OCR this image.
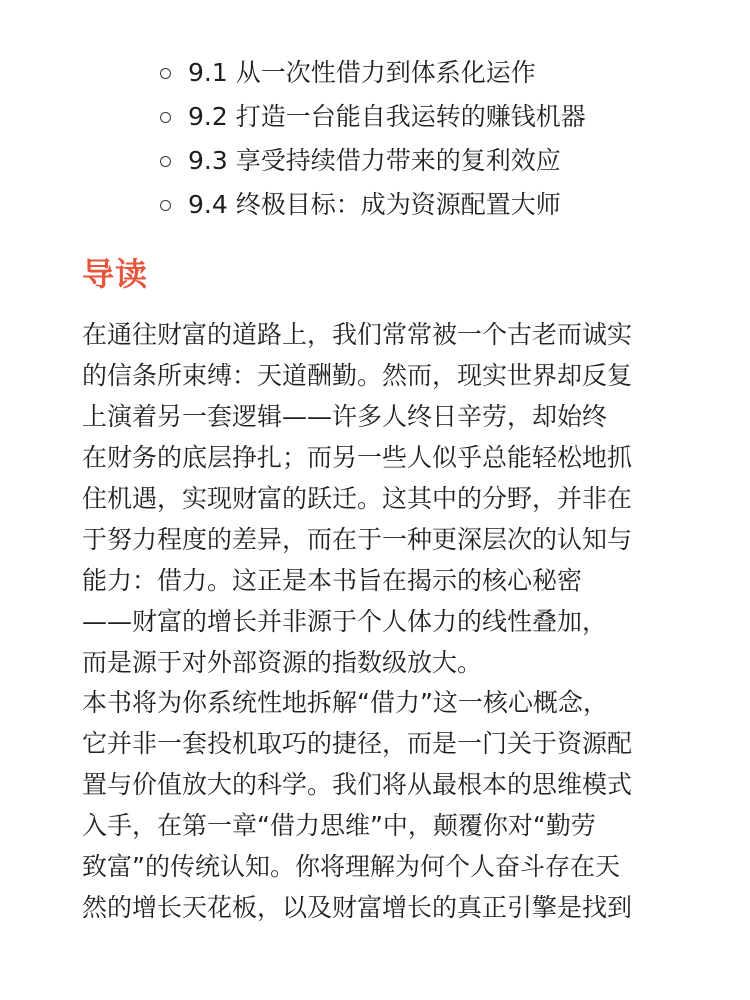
9.1 从一次性借力到体系化运作
9.2 打造一台能自我运转的赚钱机器
9.3 享受持续借力带来的复利效应
9.4 终极目标：成为资源配置大师
导读

在通往财富的道路上，我们常常被一个古老而诚实
的信条所束缚：天道酬勤。然而，现实世界却反复
上演着另一套逻辑——许多人终日辛劳，却始终
在财务的底层挣扎；而另一些人似乎总能轻松地抓
住机遇，实现财富的跃迁。这其中的分野，并非在
于努力程度的差异，而在于一种更深层次的认知与
能力：借力。这正是本书旨在揭示的核心秘密
——财富的增长并非源于个人体力的线性叠加，
而是源于对外部资源的指数级放大。

本书将为你系统性地拆解“借力”这一核心概念，
它并非一套投机取巧的捷径，而是一门关于资源配
置与价值放大的科学。我们将从最根本的思维模式
入手，在第一章“借力思维”中，颠覆你对“勤劳
致富”的传统认知。你将理解为何个人奋斗存在天
然的增长天花板，以及财富增长的真正引擎是找到
